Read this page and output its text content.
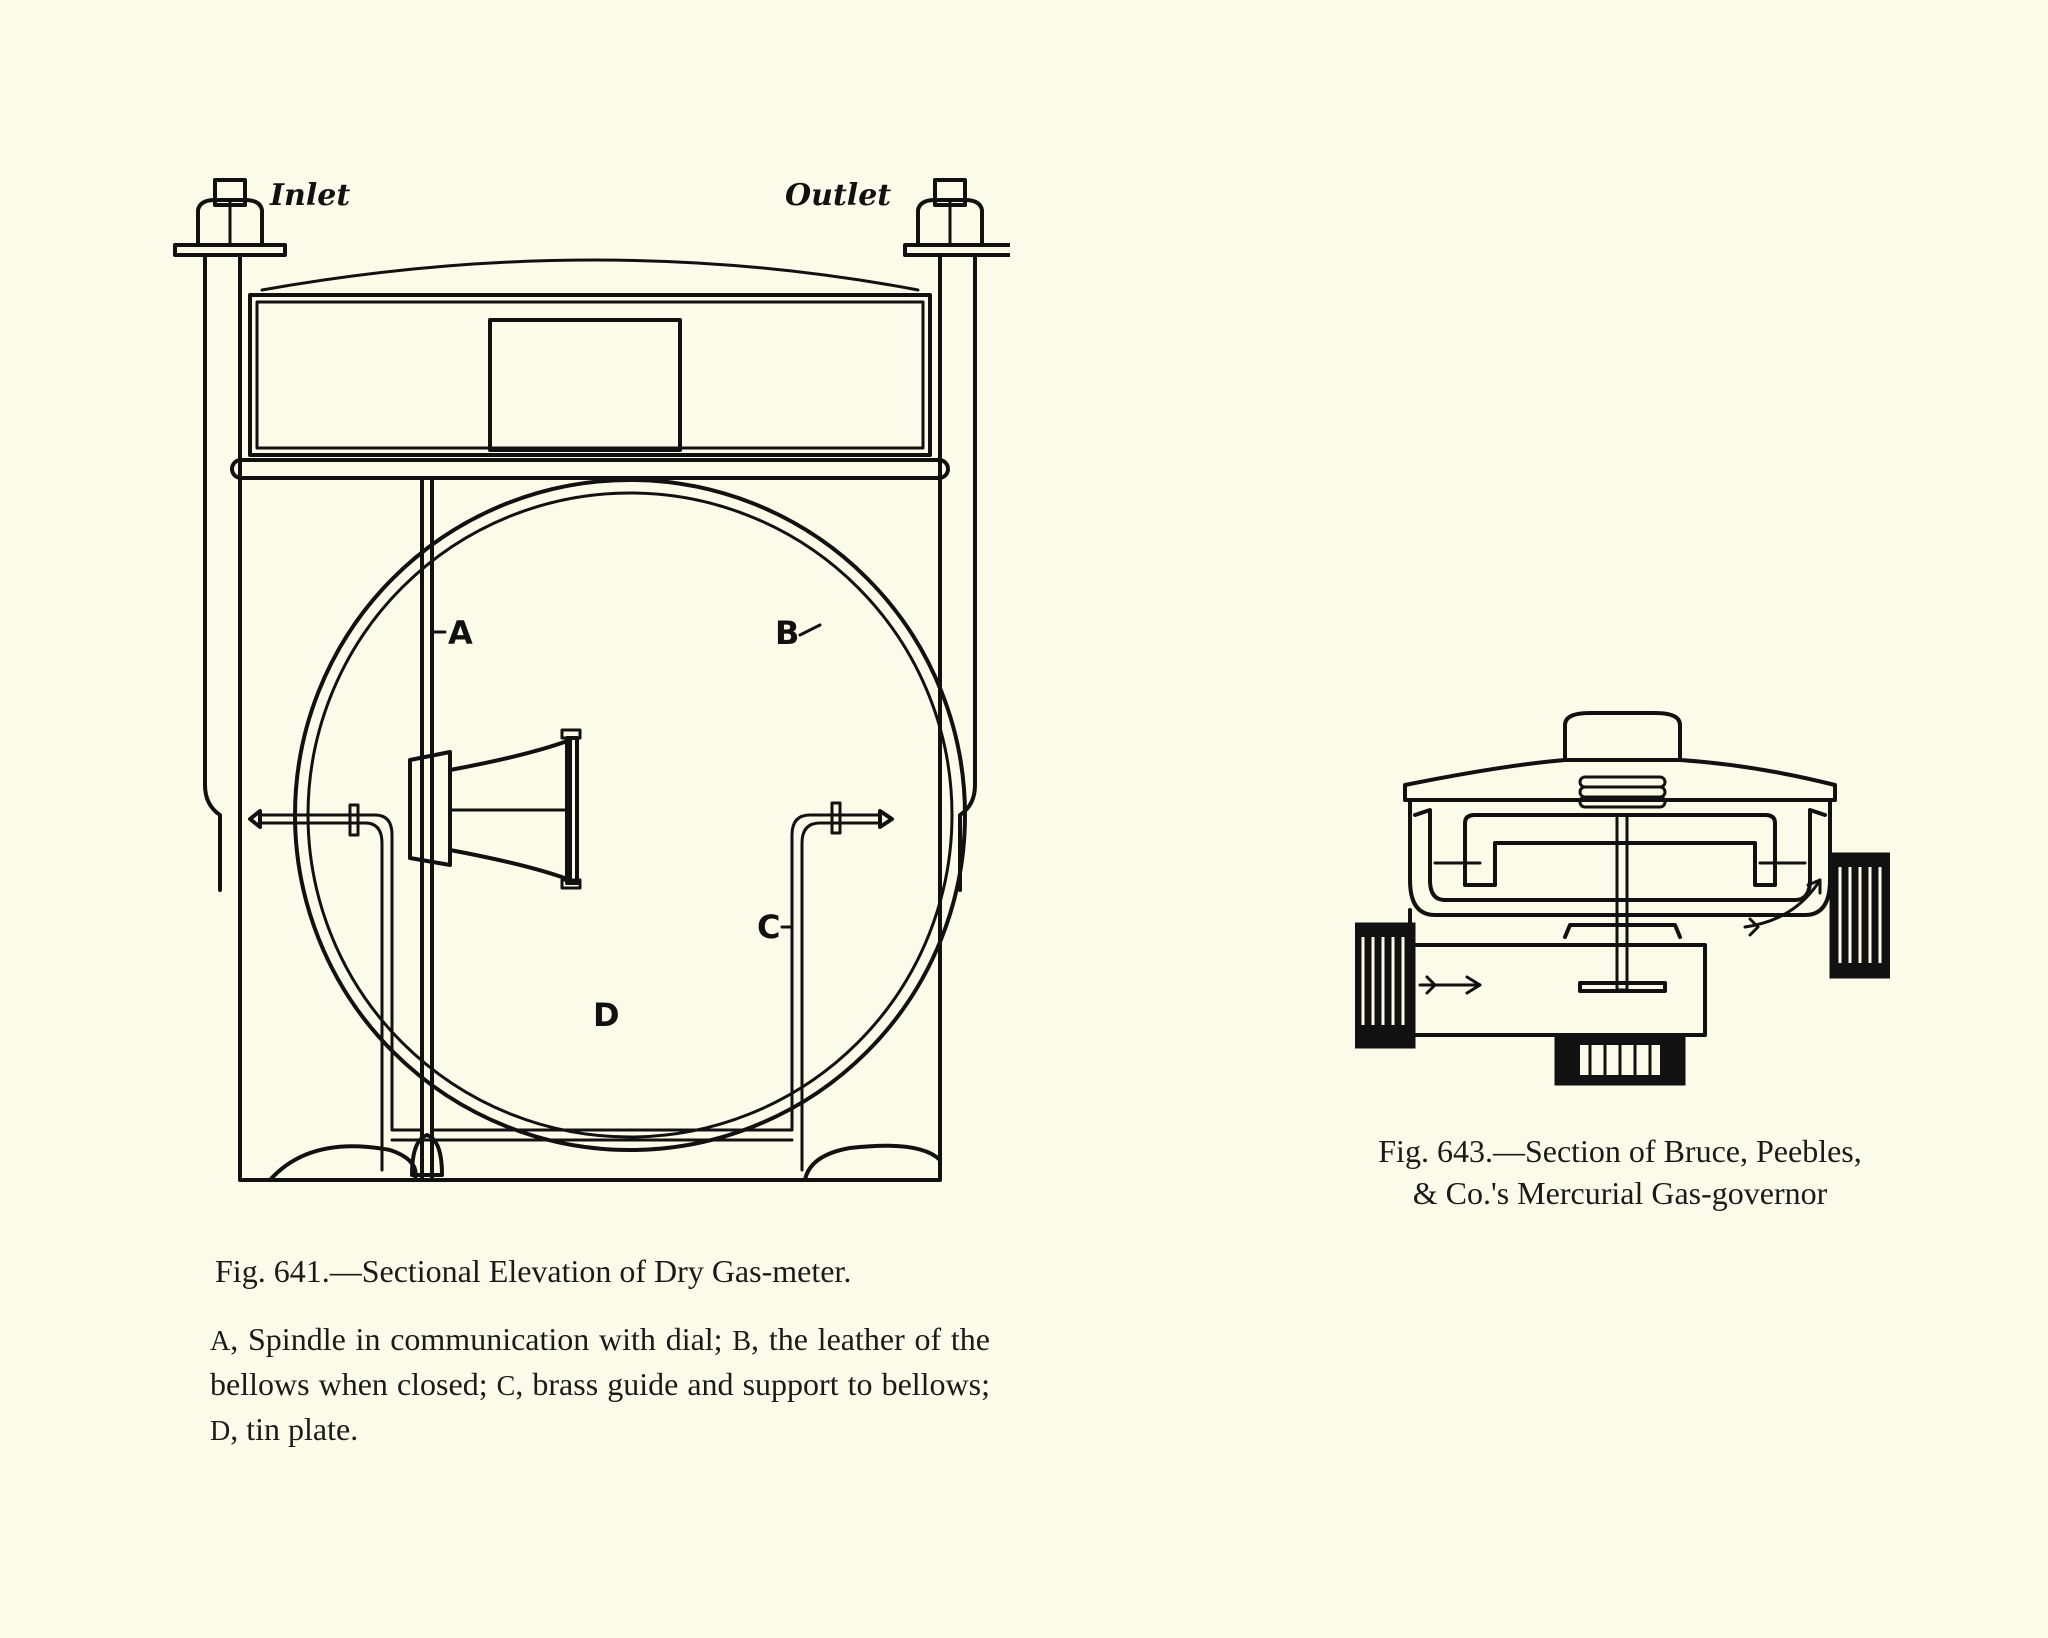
Inlet	Outlet
A	B
C
D

Fig. 641.—Sectional Elevation of Dry Gas-meter.

A, Spindle in communication with dial; B, the leather of the bellows when closed; C, brass guide and support to bellows; D, tin plate.

Fig. 643.—Section of Bruce, Peebles,
& Co.'s Mercurial Gas-governor
